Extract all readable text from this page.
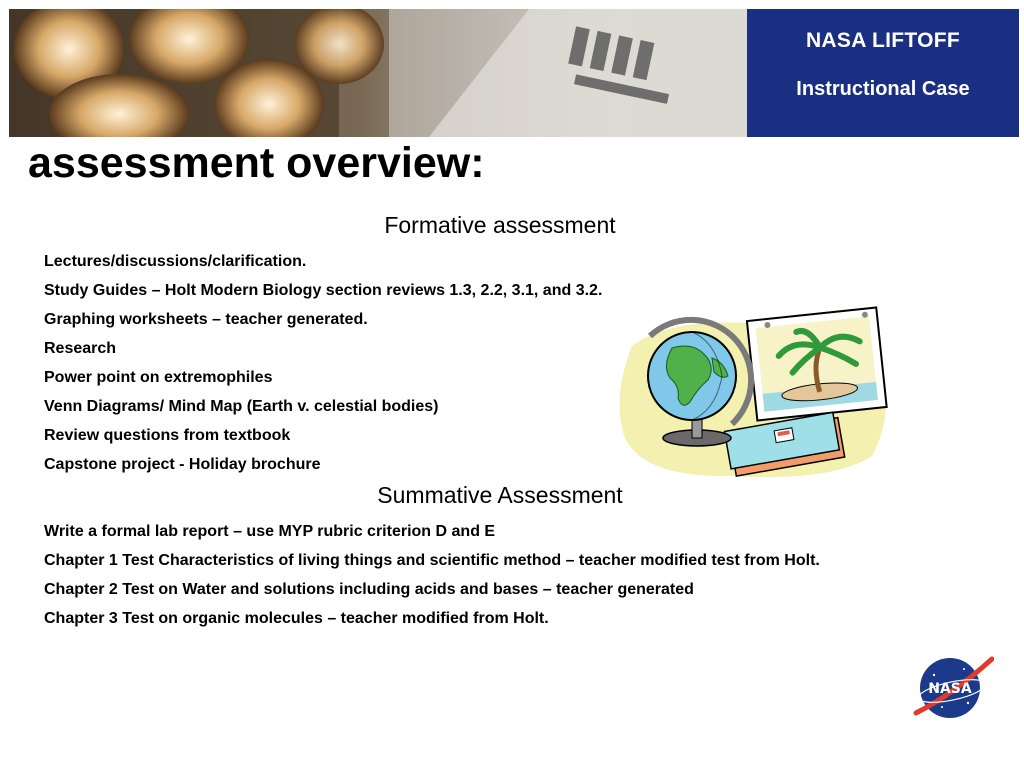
NASA LIFTOFF
Instructional Case
assessment overview:
Formative assessment
Lectures/discussions/clarification.
Study Guides – Holt Modern Biology section reviews 1.3, 2.2, 3.1, and 3.2.
Graphing worksheets – teacher generated.
Research
Power point on extremophiles
Venn Diagrams/ Mind Map (Earth v. celestial bodies)
Review questions from textbook
Capstone project - Holiday brochure
Summative Assessment
Write a formal lab report – use MYP rubric criterion D and E
Chapter 1 Test Characteristics of living things and scientific method – teacher modified test from Holt.
Chapter 2 Test on Water and solutions including acids and bases – teacher generated
Chapter 3 Test on organic molecules – teacher modified from Holt.
NASA
